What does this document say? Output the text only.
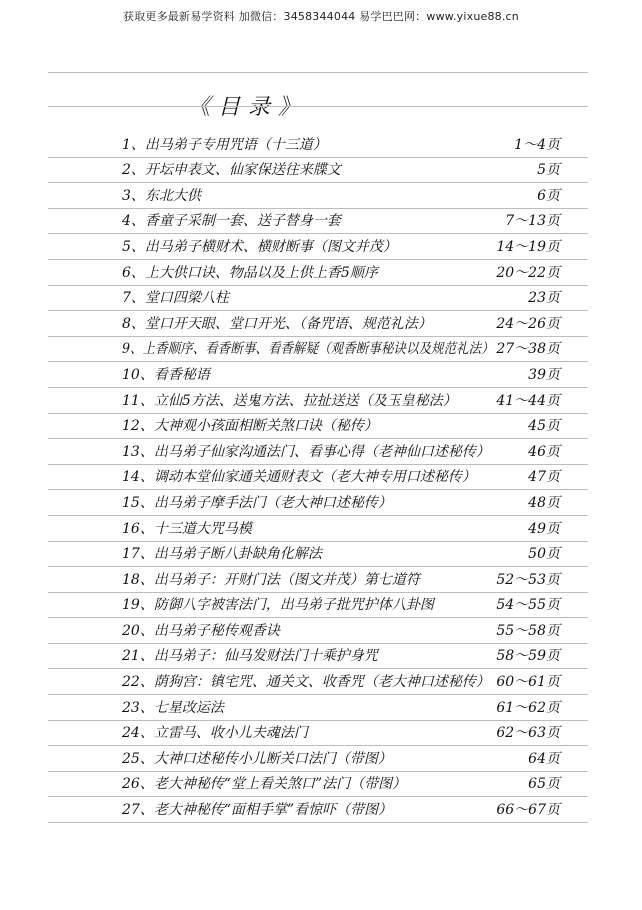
获取更多最新易学资料 加微信：3458344044 易学巴巴网：www.yixue88.cn
《目录》
1、出马弟子专用咒语（十三道）	1～4页
2、开坛申表文、仙家保送往来牒文	5页
3、东北大供	6页
4、香童子采制一套、送子替身一套	7～13页
5、出马弟子横财术、横财断事（图文并茂）	14～19页
6、上大供口诀、物品以及上供上香5顺序	20～22页
7、堂口四梁八柱	23页
8、堂口开天眼、堂口开光、（备咒语、规范礼法）	24～26页
9、上香顺序、看香断事、看香解疑（观香断事秘诀以及规范礼法） 27～38页
10、看香秘语	39页
11、立仙5方法、送鬼方法、拉扯送送（及玉皇秘法）	41～44页
12、大神观小孩面相断关煞口诀（秘传）	45页
13、出马弟子仙家沟通法门、看事心得（老神仙口述秘传）	46页
14、调动本堂仙家通关通财表文（老大神专用口述秘传）	47页
15、出马弟子摩手法门（老大神口述秘传）	48页
16、十三道大咒马模	49页
17、出马弟子断八卦缺角化解法	50页
18、出马弟子：开财门法（图文并茂）第七道符	52～53页
19、防御八字被害法门，出马弟子批咒护体八卦图	54～55页
20、出马弟子秘传观香诀	55～58页
21、出马弟子：仙马发财法门十乘护身咒	58～59页
22、荫狗宫：镇宅咒、通关文、收香咒（老大神口述秘传） 60～61页
23、七星改运法	61～62页
24、立雷马、收小儿夫魂法门	62～63页
25、大神口述秘传小儿断关口法门（带图）	64页
26、老大神秘传“堂上看关煞口”法门（带图）	65页
27、老大神秘传“面相手掌”看惊吓（带图）	66～67页
